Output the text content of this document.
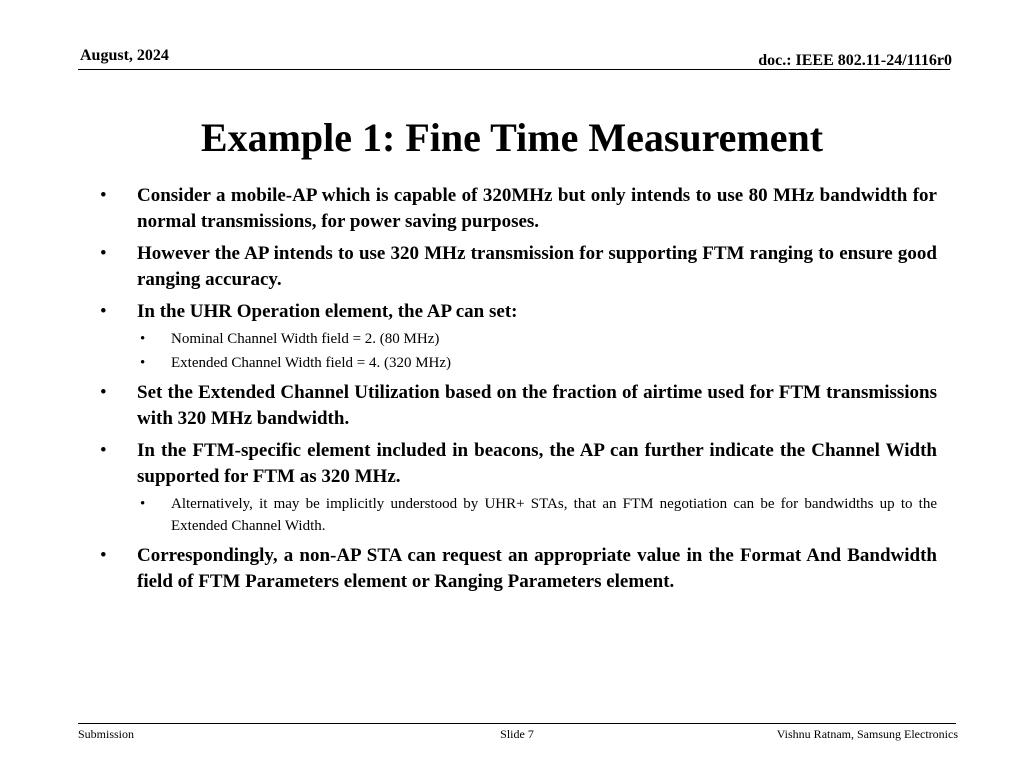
August, 2024	doc.: IEEE 802.11-24/1116r0
Example 1: Fine Time Measurement
• Consider a mobile-AP which is capable of 320MHz but only intends to use 80 MHz bandwidth for normal transmissions, for power saving purposes.
• However the AP intends to use 320 MHz transmission for supporting FTM ranging to ensure good ranging accuracy.
• In the UHR Operation element, the AP can set:
• Nominal Channel Width field = 2. (80 MHz)
• Extended Channel Width field = 4. (320 MHz)
• Set the Extended Channel Utilization based on the fraction of airtime used for FTM transmissions with 320 MHz bandwidth.
• In the FTM-specific element included in beacons, the AP can further indicate the Channel Width supported for FTM as 320 MHz.
• Alternatively, it may be implicitly understood by UHR+ STAs, that an FTM negotiation can be for bandwidths up to the Extended Channel Width.
• Correspondingly, a non-AP STA can request an appropriate value in the Format And Bandwidth field of FTM Parameters element or Ranging Parameters element.
Submission	Slide 7	Vishnu Ratnam, Samsung Electronics
